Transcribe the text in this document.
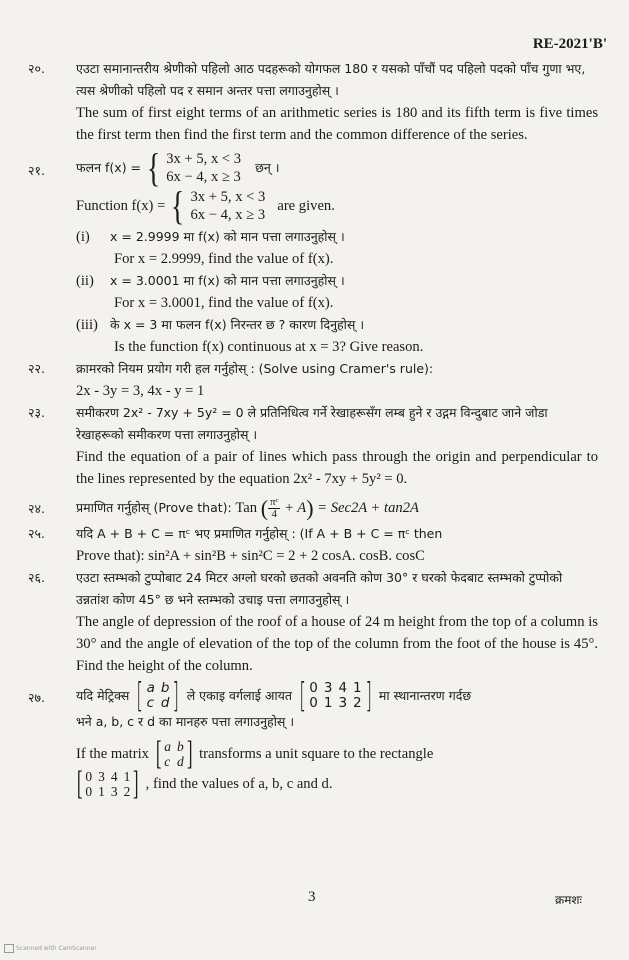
RE-2021'B'
२०.	एउटा समानान्तरीय श्रेणीको पहिलो आठ पदहरूको योगफल 180 र यसको पाँचौं पद पहिलो पदको पाँच गुणा भए, त्यस श्रेणीको पहिलो पद र समान अन्तर पत्ता लगाउनुहोस् ।
The sum of first eight terms of an arithmetic series is 180 and its fifth term is five times the first term then find the first term and the common difference of the series.
२१.	फलन f(x) = { 3x + 5, x < 3
6x − 4, x ≥ 3
छन् ।
Function f(x) = { 3x + 5, x < 3
6x − 4, x ≥ 3
are given.
(i)	x = 2.9999 मा f(x) को मान पत्ता लगाउनुहोस् ।
For x = 2.9999, find the value of f(x).
(ii)	x = 3.0001 मा f(x) को मान पत्ता लगाउनुहोस् ।
For x = 3.0001, find the value of f(x).
(iii) के x = 3 मा फलन f(x) निरन्तर छ ? कारण दिनुहोस् ।
Is the function f(x) continuous at x = 3? Give reason.
२२.	क्रामरको नियम प्रयोग गरी हल गर्नुहोस् : (Solve using Cramer's rule):
2x - 3y = 3, 4x - y = 1
२३.	समीकरण 2x² - 7xy + 5y² = 0 ले प्रतिनिधित्व गर्ने रेखाहरूसँग लम्ब हुने र उद्गम विन्दुबाट जाने जोडा रेखाहरूको समीकरण पत्ता लगाउनुहोस् ।
Find the equation of a pair of lines which pass through the origin and perpendicular to the lines represented by the equation 2x² - 7xy + 5y² = 0.
२४.	प्रमाणित गर्नुहोस् (Prove that): Tan ( $\frac{\text{πᶜ}}{4} + A) = Sec2A + \tan 2A$
२५.	यदि A + B + C = πᶜ भए प्रमाणित गर्नुहोस् : (If A + B + C = πᶜ then
Prove that): sin²A + sin²B + sin²C = 2 + 2 cosA. cosB. cosC
२६.	एउटा स्तम्भको टुप्पोबाट 24 मिटर अग्लो घरको छतको अवनति कोण 30° र घरको फेदबाट स्तम्भको टुप्पोको उन्नतांश कोण 45° छ भने स्तम्भको उचाइ पत्ता लगाउनुहोस् ।
The angle of depression of the roof of a house of 24 m height from the top of a column is 30° and the angle of elevation of the top of the column from the foot of the house is 45°. Find the height of the column.
२७.	यदि मेट्रिक्स [ a b
c d ] ले एकाइ वर्गलाई आयत [ 0 3 4 1
0 1 3 2 ] मा स्थानान्तरण गर्दछ
भने a, b, c र d का मानहरु पत्ता लगाउनुहोस् ।
If the matrix [ a b
c d ] transforms a unit square to the rectangle
[ 0 3 4 1
0 1 3 2 ] , find the values of a, b, c and d.
3	क्रमशः
Scanned with CamScanner
